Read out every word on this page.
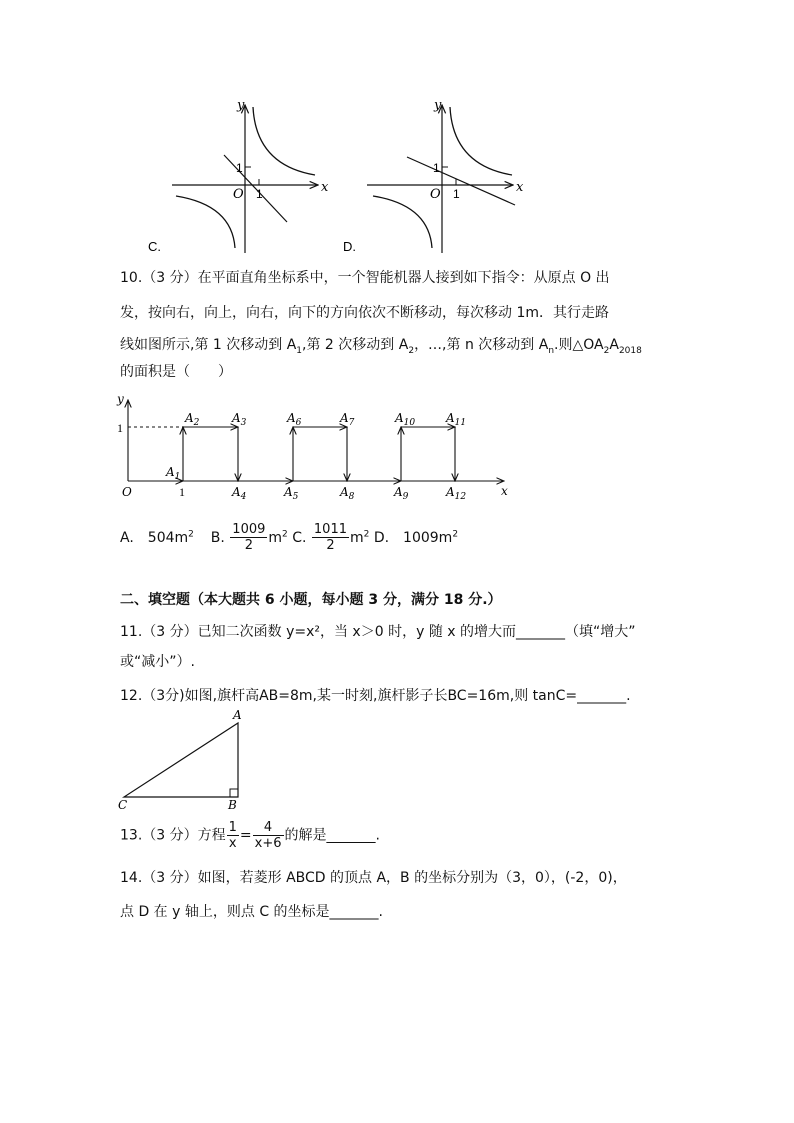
y
x
O
1
1
C.
y
x
O
1
1
D.
10.（3 分）在平面直角坐标系中，一个智能机器人接到如下指令：从原点 O 出
发，按向右，向上，向右，向下的方向依次不断移动，每次移动 1m．其行走路
线如图所示,第 1 次移动到 $A_1$,第 2 次移动到 $A_2$，…,第 n 次移动到 $A_n$.则$\triangle OA_2A_{2018}$
的面积是（　　）
y
x
O
1
1
$A_1$
$A_2$	$A_3$
$A_4$	$A_5$
$A_6$	$A_7$
$A_8$	$A_9$
$A_{10}$	$A_{11}$
$A_{12}$
A.　$504m^2$ B. $\frac{1009}{2} m^2$ C. $\frac{1011}{2} m^2$ D.　$1009m^2$
二、填空题（本大题共 6 小题，每小题 3 分，满分 18 分.）
11.（3 分）已知二次函数 y=x²，当 x＞0 时，y 随 x 的增大而_______（填“增大”
或“减小”）.
12.（3分)如图,旗杆高AB=8m,某一时刻,旗杆影子长BC=16m,则 tanC=_______.
A
B
C
13.（3 分）方程 $\frac{1}{x} = \frac{4}{x+6}$ 的解是_______.
14.（3 分）如图，若菱形 ABCD 的顶点 A，B 的坐标分别为（3，0），(-2，0)，
点 D 在 y 轴上，则点 C 的坐标是_______.
